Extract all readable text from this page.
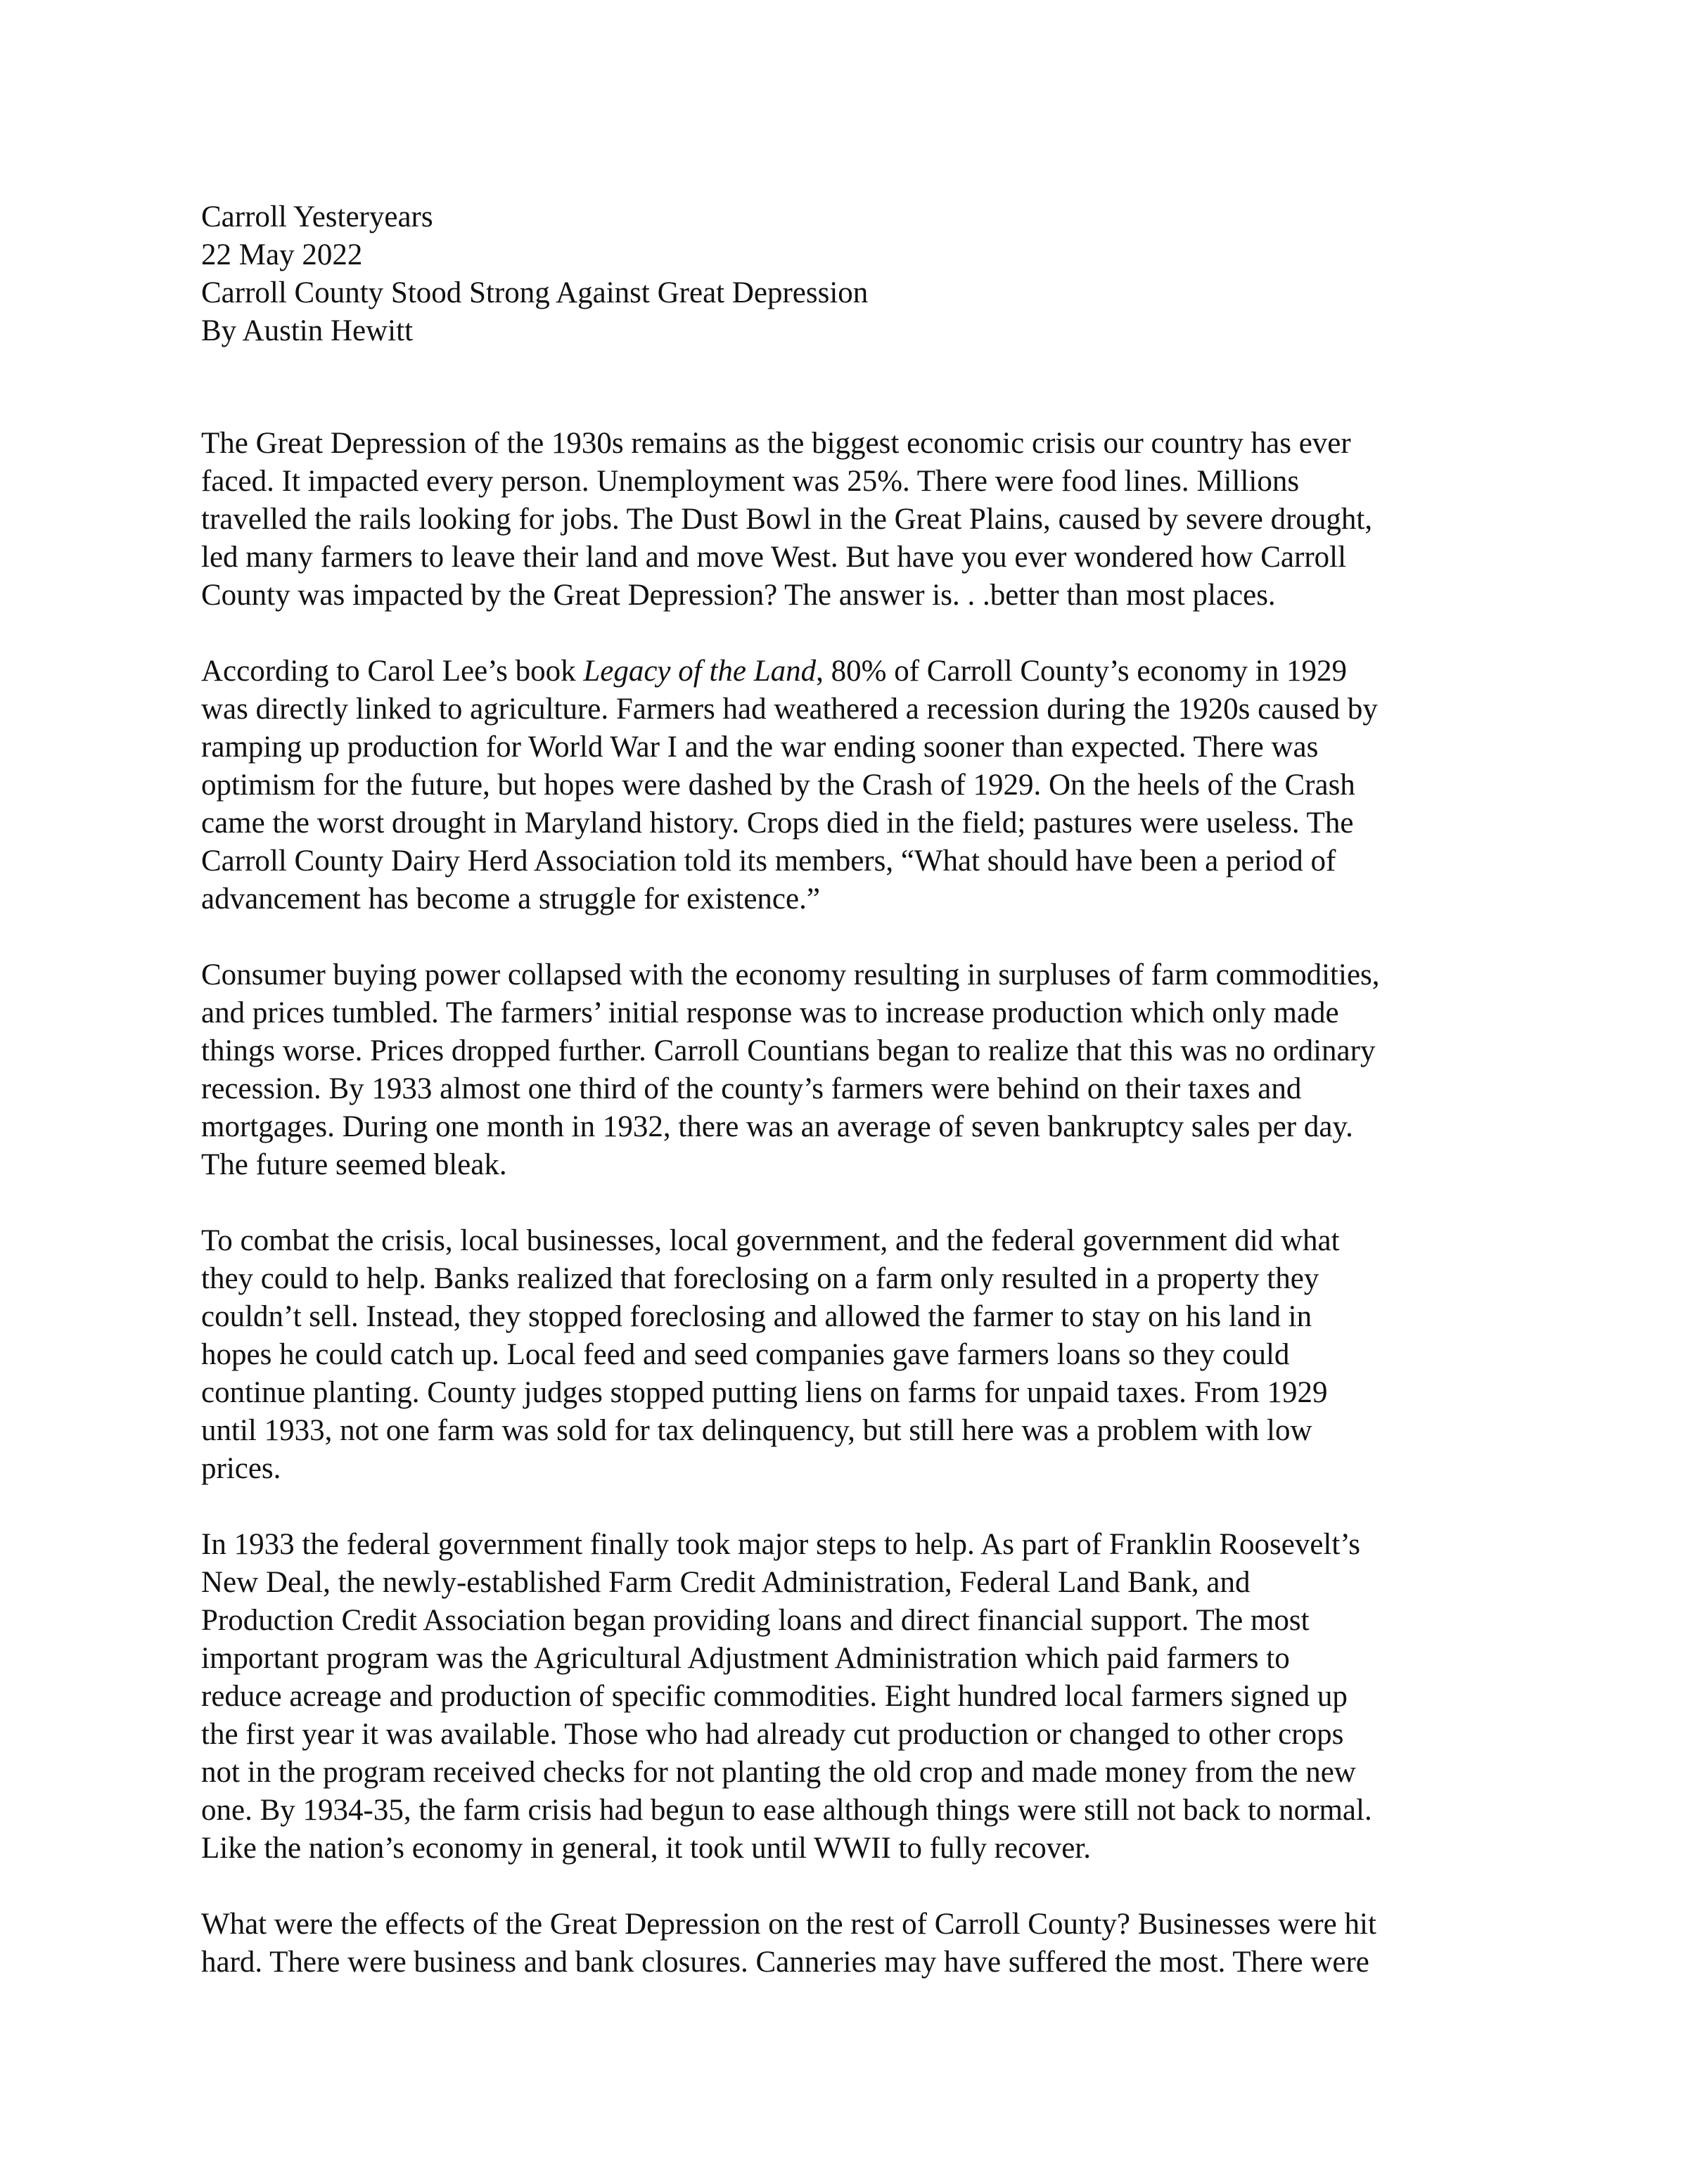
Carroll Yesteryears
22 May 2022
Carroll County Stood Strong Against Great Depression
By Austin Hewitt
The Great Depression of the 1930s remains as the biggest economic crisis our country has ever
faced. It impacted every person. Unemployment was 25%. There were food lines. Millions
travelled the rails looking for jobs. The Dust Bowl in the Great Plains, caused by severe drought,
led many farmers to leave their land and move West. But have you ever wondered how Carroll
County was impacted by the Great Depression? The answer is. . .better than most places.
According to Carol Lee’s book Legacy of the Land, 80% of Carroll County’s economy in 1929
was directly linked to agriculture. Farmers had weathered a recession during the 1920s caused by
ramping up production for World War I and the war ending sooner than expected. There was
optimism for the future, but hopes were dashed by the Crash of 1929. On the heels of the Crash
came the worst drought in Maryland history. Crops died in the field; pastures were useless. The
Carroll County Dairy Herd Association told its members, “What should have been a period of
advancement has become a struggle for existence.”
Consumer buying power collapsed with the economy resulting in surpluses of farm commodities,
and prices tumbled. The farmers’ initial response was to increase production which only made
things worse. Prices dropped further. Carroll Countians began to realize that this was no ordinary
recession. By 1933 almost one third of the county’s farmers were behind on their taxes and
mortgages. During one month in 1932, there was an average of seven bankruptcy sales per day.
The future seemed bleak.
To combat the crisis, local businesses, local government, and the federal government did what
they could to help. Banks realized that foreclosing on a farm only resulted in a property they
couldn’t sell. Instead, they stopped foreclosing and allowed the farmer to stay on his land in
hopes he could catch up. Local feed and seed companies gave farmers loans so they could
continue planting. County judges stopped putting liens on farms for unpaid taxes. From 1929
until 1933, not one farm was sold for tax delinquency, but still here was a problem with low
prices.
In 1933 the federal government finally took major steps to help. As part of Franklin Roosevelt’s
New Deal, the newly-established Farm Credit Administration, Federal Land Bank, and
Production Credit Association began providing loans and direct financial support. The most
important program was the Agricultural Adjustment Administration which paid farmers to
reduce acreage and production of specific commodities. Eight hundred local farmers signed up
the first year it was available. Those who had already cut production or changed to other crops
not in the program received checks for not planting the old crop and made money from the new
one. By 1934-35, the farm crisis had begun to ease although things were still not back to normal.
Like the nation’s economy in general, it took until WWII to fully recover.
What were the effects of the Great Depression on the rest of Carroll County? Businesses were hit
hard. There were business and bank closures. Canneries may have suffered the most. There were
